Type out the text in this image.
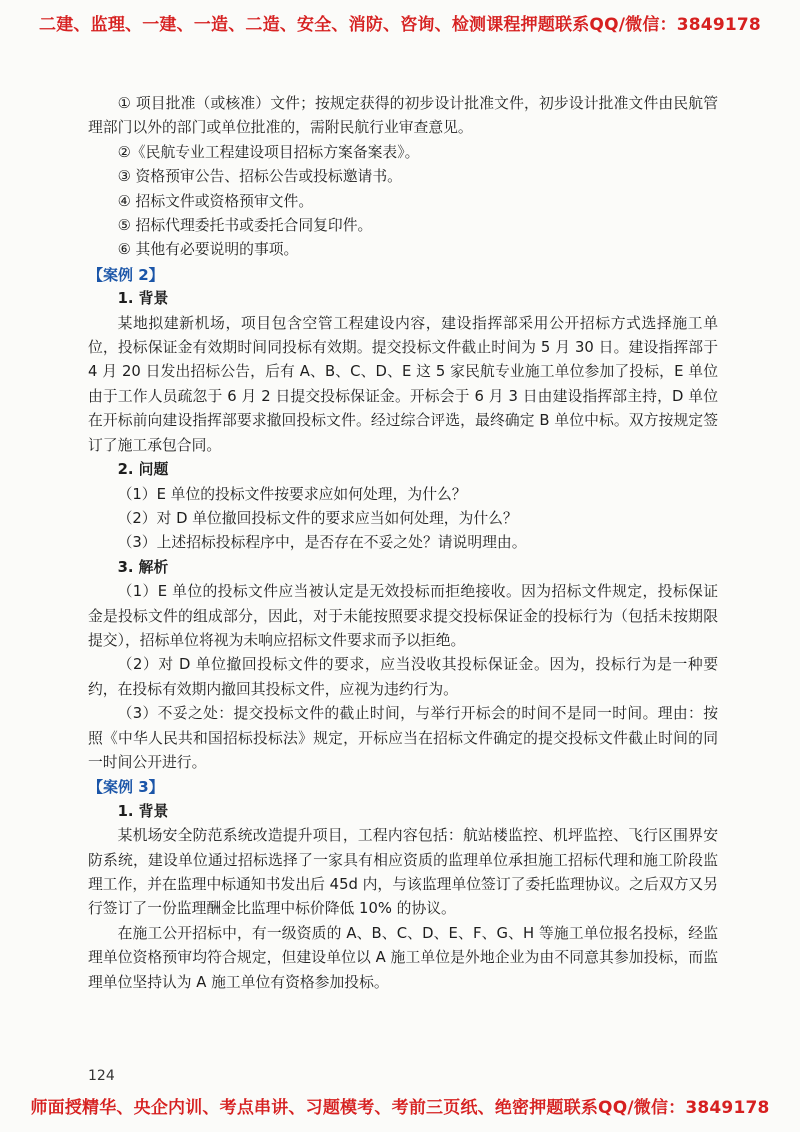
二建、监理、一建、一造、二造、安全、消防、咨询、检测课程押题联系QQ/微信：3849178

① 项目批准（或核准）文件；按规定获得的初步设计批准文件，初步设计批准文件由民航管理部门以外的部门或单位批准的，需附民航行业审查意见。

②《民航专业工程建设项目招标方案备案表》。

③ 资格预审公告、招标公告或投标邀请书。

④ 招标文件或资格预审文件。

⑤ 招标代理委托书或委托合同复印件。

⑥ 其他有必要说明的事项。

【案例 2】

1. 背景

某地拟建新机场，项目包含空管工程建设内容，建设指挥部采用公开招标方式选择施工单位，投标保证金有效期时间同投标有效期。提交投标文件截止时间为 5 月 30 日。建设指挥部于 4 月 20 日发出招标公告，后有 A、B、C、D、E 这 5 家民航专业施工单位参加了投标，E 单位由于工作人员疏忽于 6 月 2 日提交投标保证金。开标会于 6 月 3 日由建设指挥部主持，D 单位在开标前向建设指挥部要求撤回投标文件。经过综合评选，最终确定 B 单位中标。双方按规定签订了施工承包合同。

2. 问题

（1）E 单位的投标文件按要求应如何处理，为什么？

（2）对 D 单位撤回投标文件的要求应当如何处理，为什么？

（3）上述招标投标程序中，是否存在不妥之处？请说明理由。

3. 解析

（1）E 单位的投标文件应当被认定是无效投标而拒绝接收。因为招标文件规定，投标保证金是投标文件的组成部分，因此，对于未能按照要求提交投标保证金的投标行为（包括未按期限提交），招标单位将视为未响应招标文件要求而予以拒绝。

（2）对 D 单位撤回投标文件的要求，应当没收其投标保证金。因为，投标行为是一种要约，在投标有效期内撤回其投标文件，应视为违约行为。

（3）不妥之处：提交投标文件的截止时间，与举行开标会的时间不是同一时间。理由：按照《中华人民共和国招标投标法》规定，开标应当在招标文件确定的提交投标文件截止时间的同一时间公开进行。

【案例 3】

1. 背景

某机场安全防范系统改造提升项目，工程内容包括：航站楼监控、机坪监控、飞行区围界安防系统，建设单位通过招标选择了一家具有相应资质的监理单位承担施工招标代理和施工阶段监理工作，并在监理中标通知书发出后 45d 内，与该监理单位签订了委托监理协议。之后双方又另行签订了一份监理酬金比监理中标价降低 10% 的协议。

在施工公开招标中，有一级资质的 A、B、C、D、E、F、G、H 等施工单位报名投标，经监理单位资格预审均符合规定，但建设单位以 A 施工单位是外地企业为由不同意其参加投标，而监理单位坚持认为 A 施工单位有资格参加投标。

124
师面授精华、央企内训、考点串讲、习题模考、考前三页纸、绝密押题联系QQ/微信：3849178
